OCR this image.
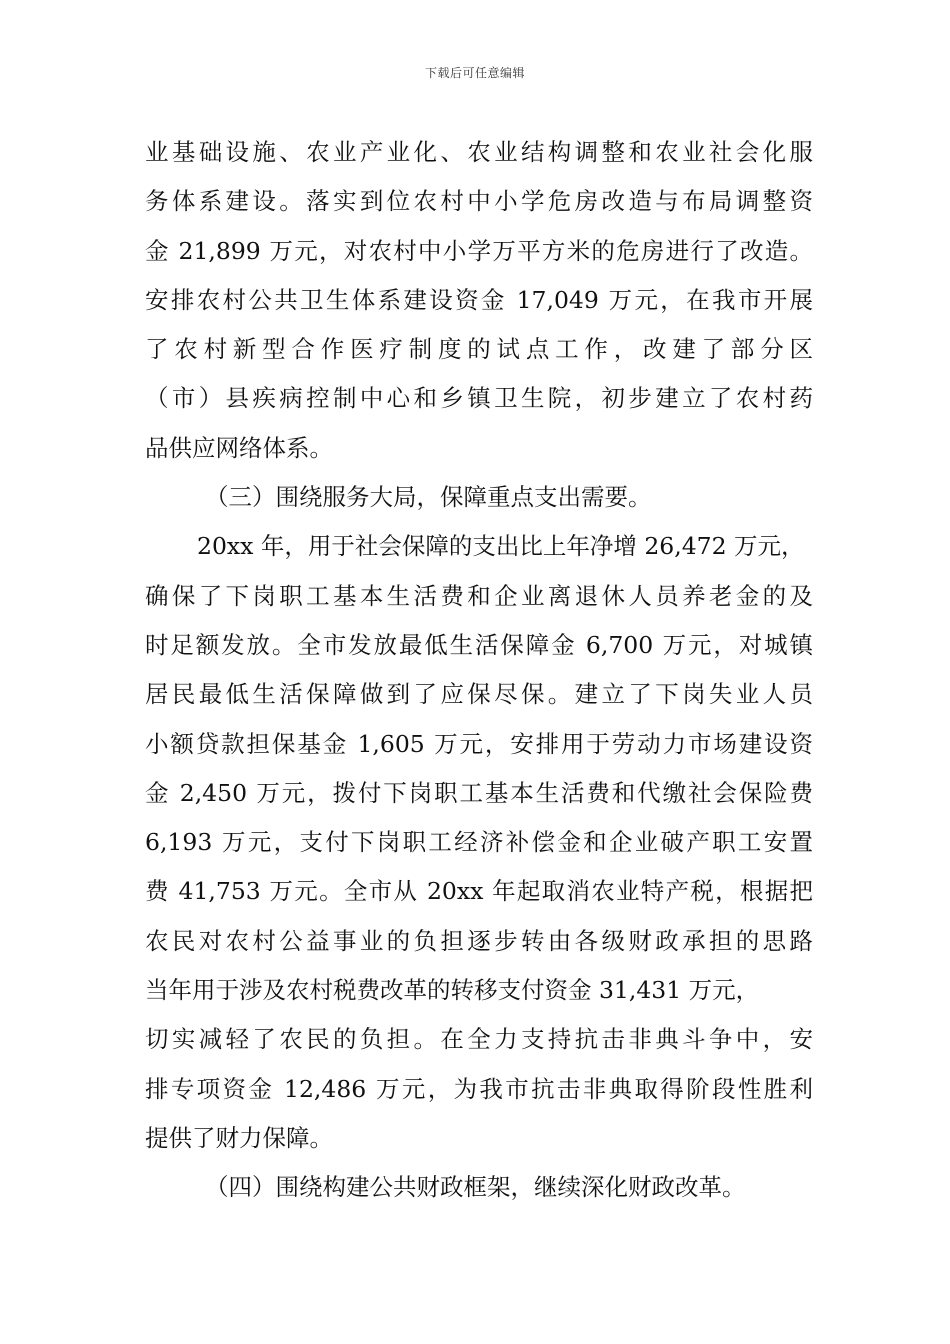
下载后可任意编辑
业基础设施、农业产业化、农业结构调整和农业社会化服
务体系建设。落实到位农村中小学危房改造与布局调整资
金 21,899 万元，对农村中小学万平方米的危房进行了改造。
安排农村公共卫生体系建设资金 17,049 万元，在我市开展
了农村新型合作医疗制度的试点工作，改建了部分区
（市）县疾病控制中心和乡镇卫生院，初步建立了农村药
品供应网络体系。
（三）围绕服务大局，保障重点支出需要。
20xx 年，用于社会保障的支出比上年净增 26,472 万元，
确保了下岗职工基本生活费和企业离退休人员养老金的及
时足额发放。全市发放最低生活保障金 6,700 万元，对城镇
居民最低生活保障做到了应保尽保。建立了下岗失业人员
小额贷款担保基金 1,605 万元，安排用于劳动力市场建设资
金 2,450 万元，拨付下岗职工基本生活费和代缴社会保险费
6,193 万元，支付下岗职工经济补偿金和企业破产职工安置
费 41,753 万元。全市从 20xx 年起取消农业特产税，根据把
农民对农村公益事业的负担逐步转由各级财政承担的思路
当年用于涉及农村税费改革的转移支付资金 31,431 万元，
切实减轻了农民的负担。在全力支持抗击非典斗争中，安
排专项资金 12,486 万元，为我市抗击非典取得阶段性胜利
提供了财力保障。
（四）围绕构建公共财政框架，继续深化财政改革。
